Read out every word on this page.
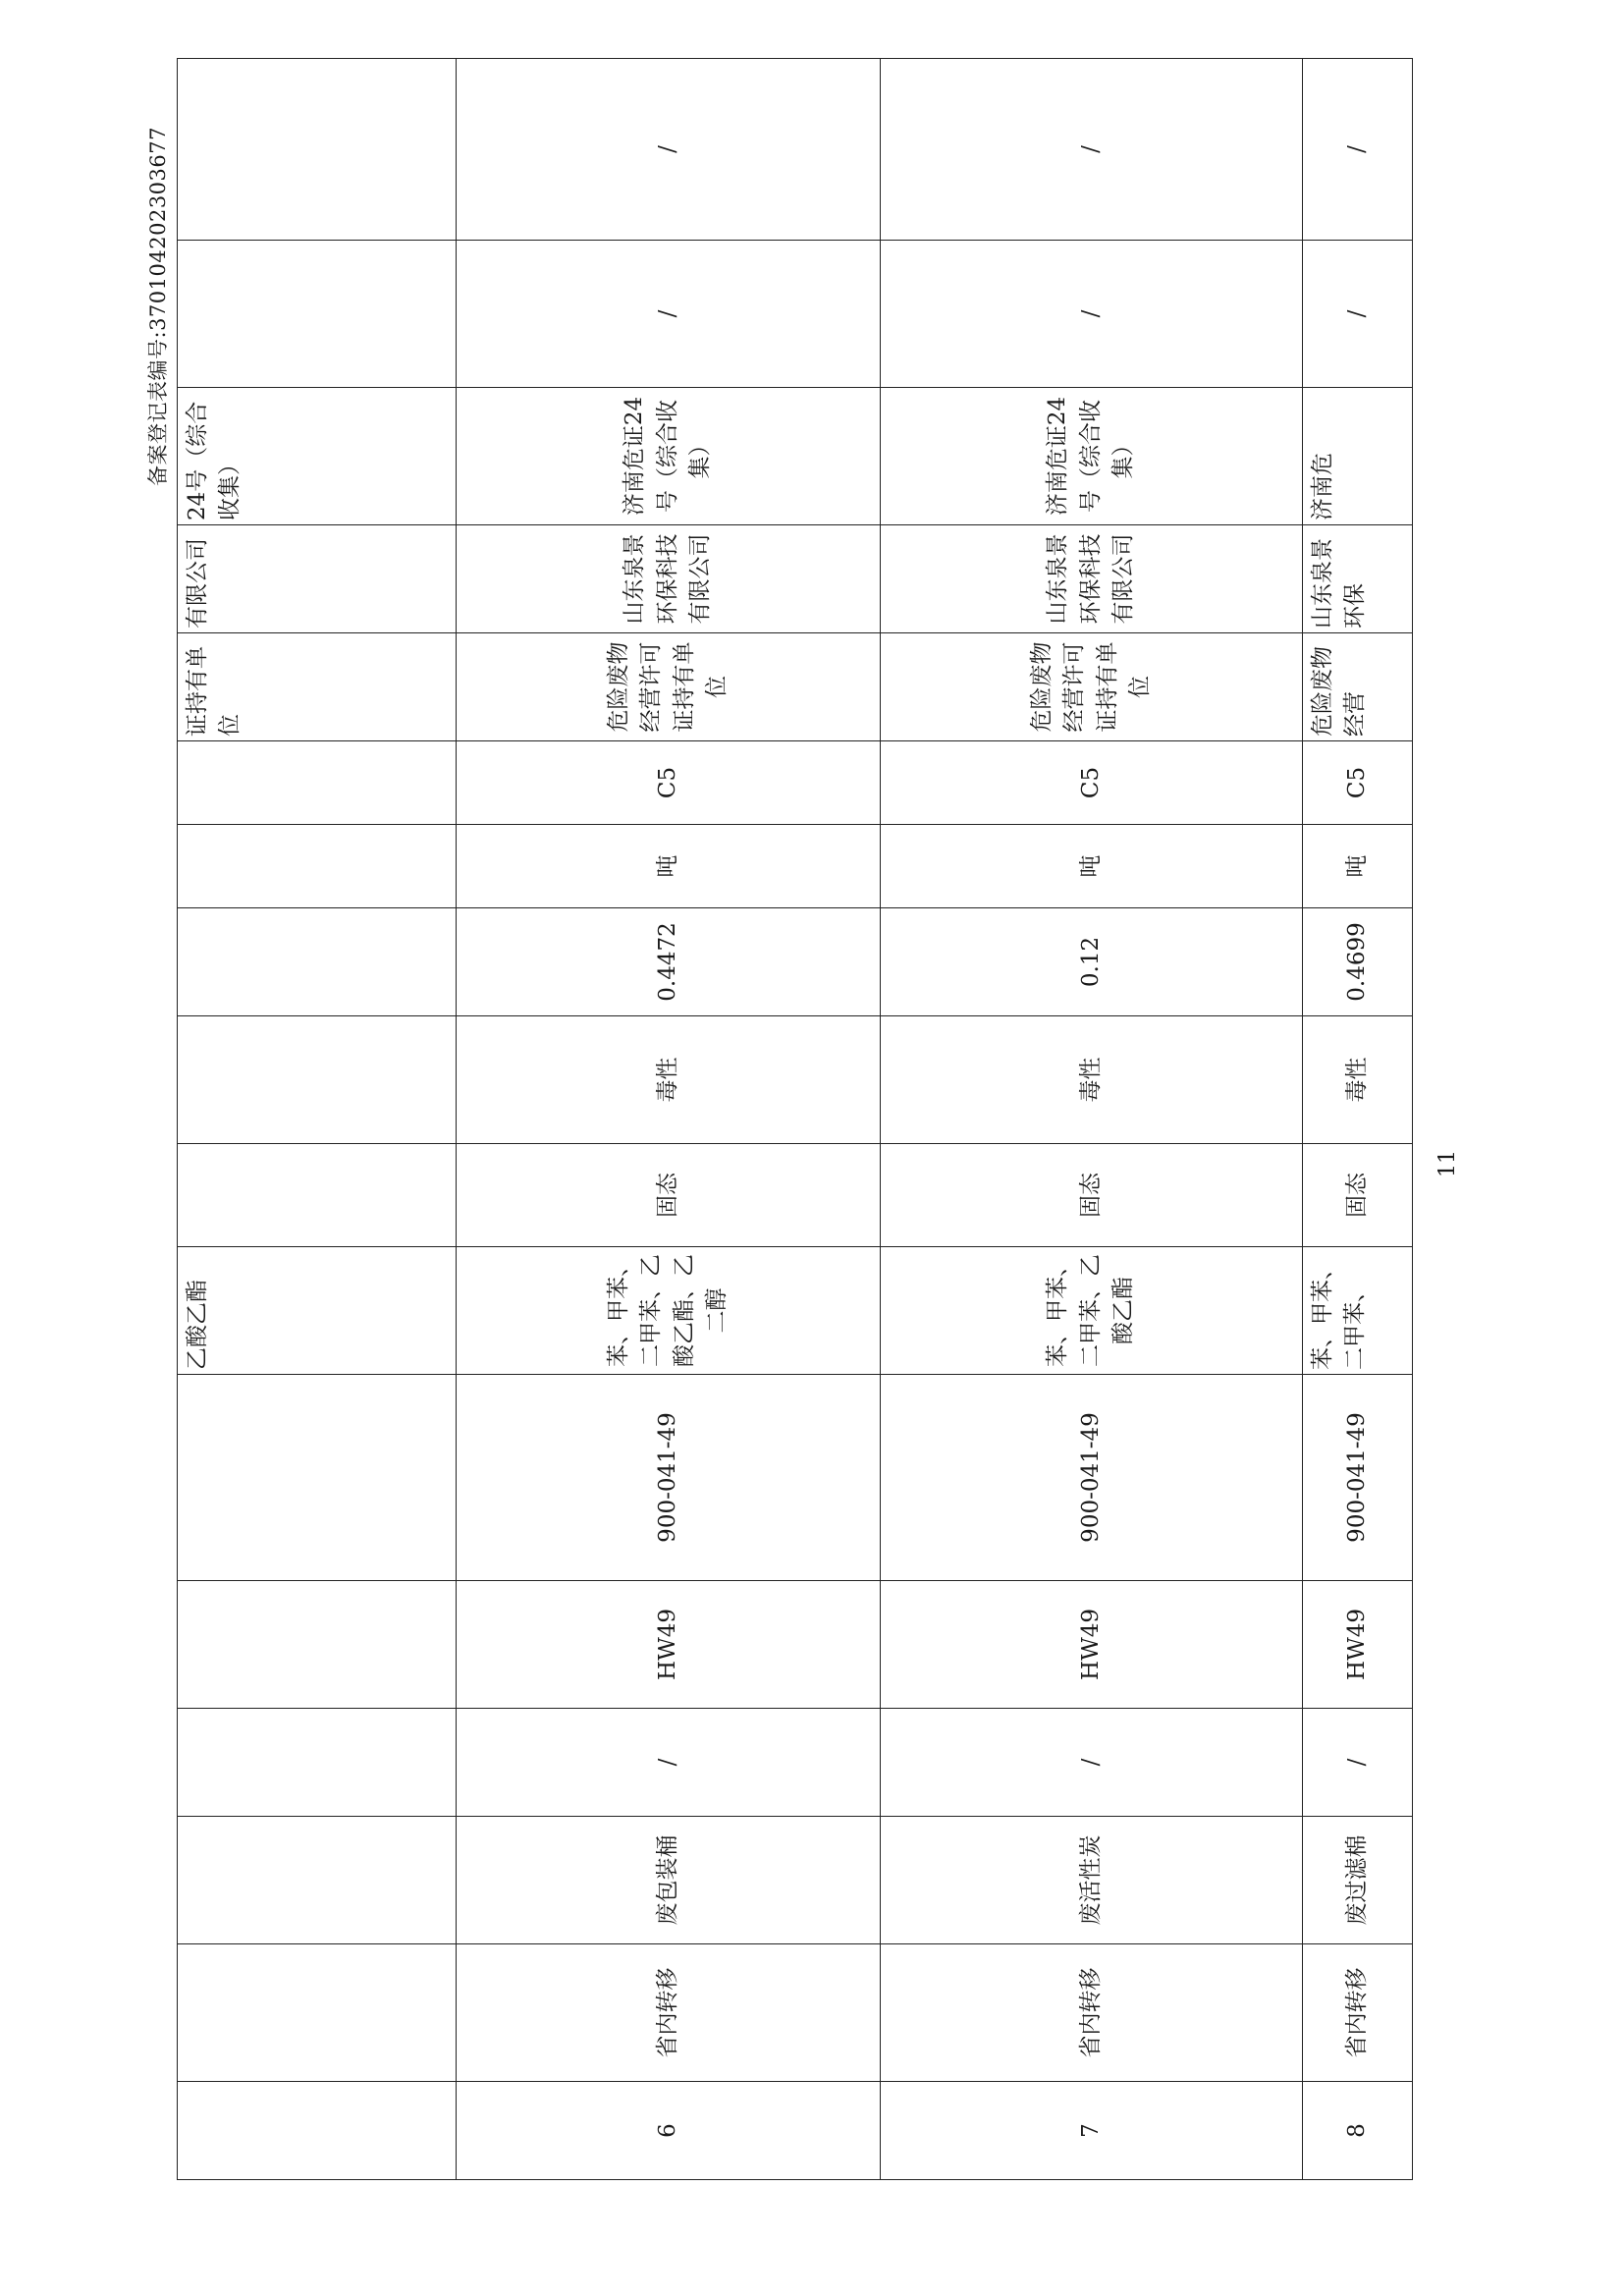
备案登记表编号:370104202303677
						乙酸乙酯						证持有单位	有限公司	24号（综合收集）		
6	省内转移	废包装桶	/	HW49	900-041-49	苯、甲苯、二甲苯、乙酸乙酯、乙二醇	固态	毒性	0.4472	吨	C5	危险废物经营许可证持有单位	山东泉景环保科技有限公司	济南危证24号（综合收集）	/	/
7	省内转移	废活性炭	/	HW49	900-041-49	苯、甲苯、二甲苯、乙酸乙酯	固态	毒性	0.12	吨	C5	危险废物经营许可证持有单位	山东泉景环保科技有限公司	济南危证24号（综合收集）	/	/
8	省内转移	废过滤棉	/	HW49	900-041-49	苯、甲苯、二甲苯、	固态	毒性	0.4699	吨	C5	危险废物经营	山东泉景环保	济南危	/	/
11
